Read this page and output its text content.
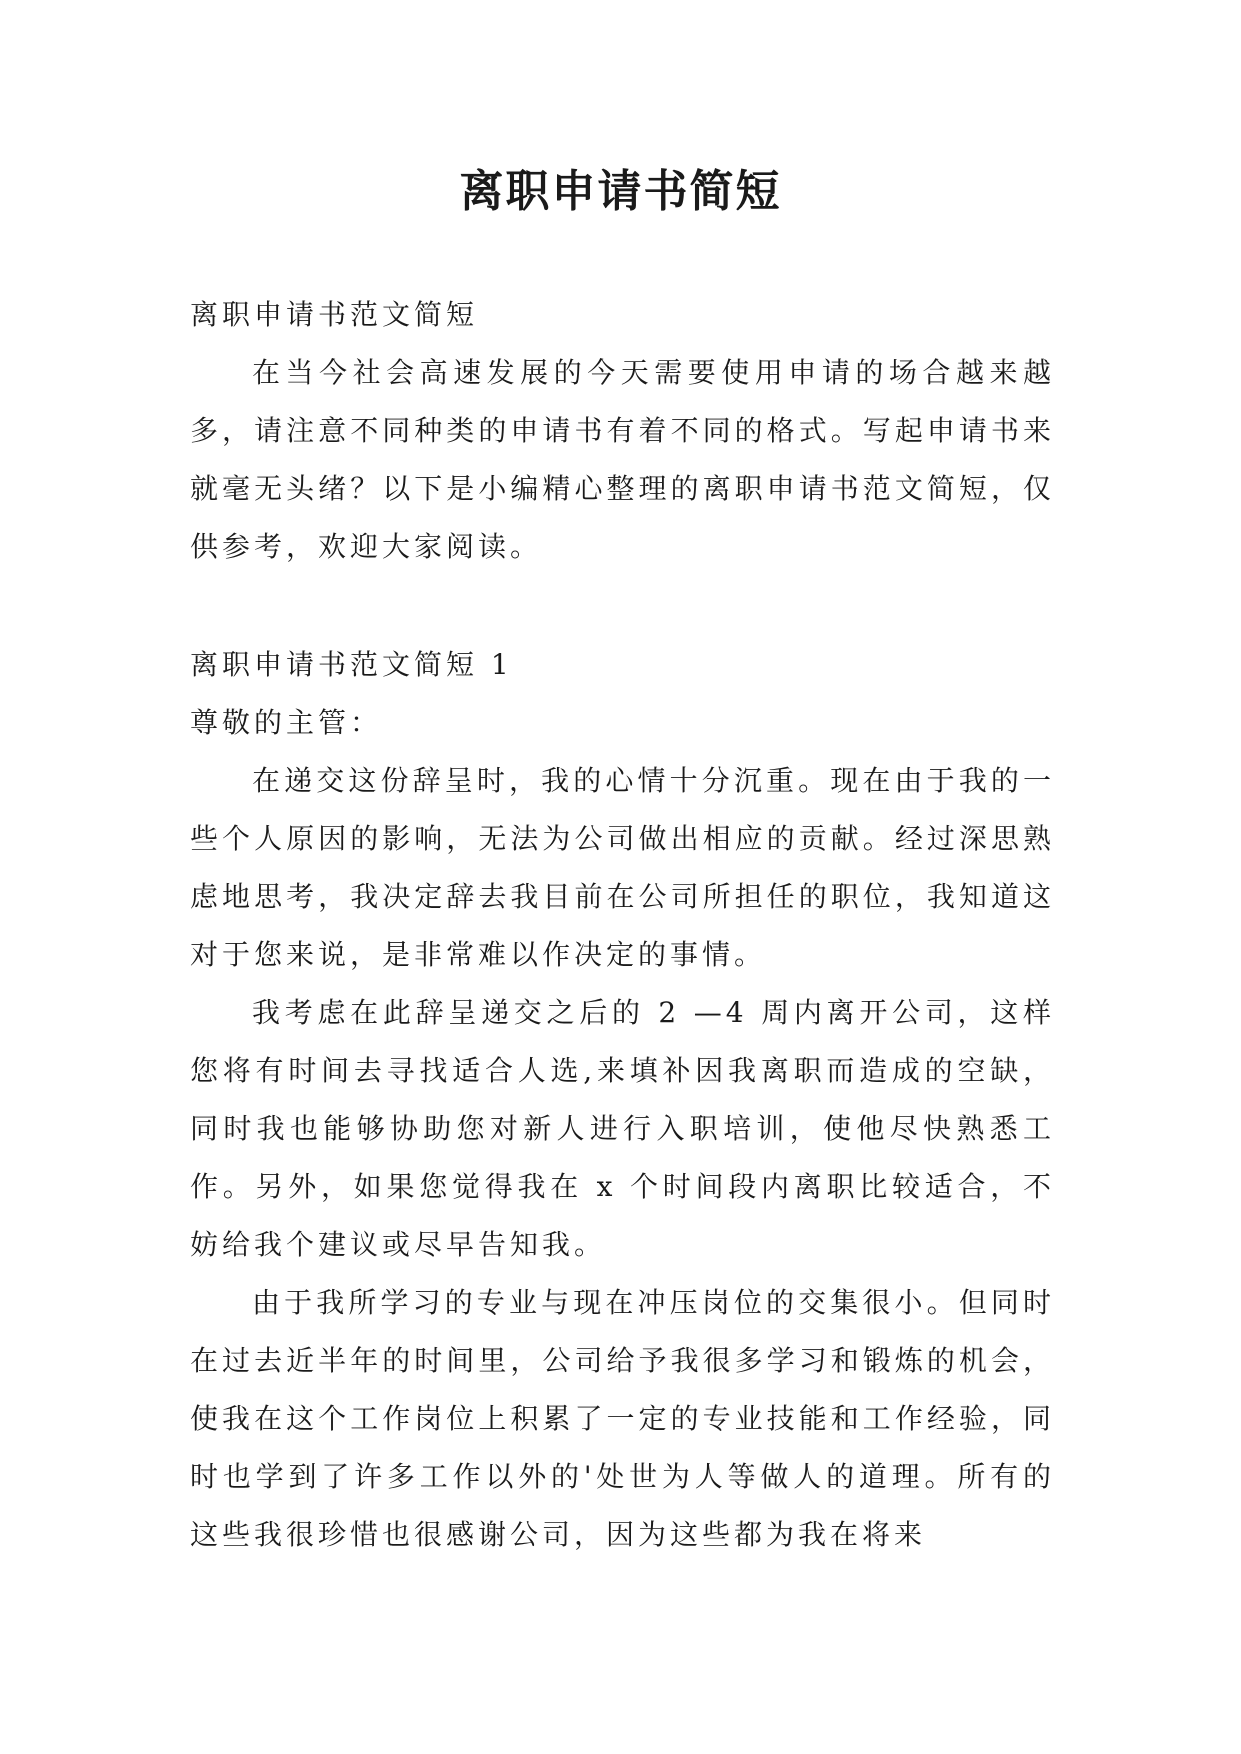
离职申请书简短

离职申请书范文简短

在当今社会高速发展的今天需要使用申请的场合越来越多，请注意不同种类的申请书有着不同的格式。写起申请书来就毫无头绪？以下是小编精心整理的离职申请书范文简短，仅供参考，欢迎大家阅读。

离职申请书范文简短 1

尊敬的主管：

在递交这份辞呈时，我的心情十分沉重。现在由于我的一些个人原因的影响，无法为公司做出相应的贡献。经过深思熟虑地思考，我决定辞去我目前在公司所担任的职位，我知道这对于您来说，是非常难以作决定的事情。

我考虑在此辞呈递交之后的 2 —4 周内离开公司，这样您将有时间去寻找适合人选,来填补因我离职而造成的空缺，同时我也能够协助您对新人进行入职培训，使他尽快熟悉工作。另外，如果您觉得我在 x 个时间段内离职比较适合，不妨给我个建议或尽早告知我。

由于我所学习的专业与现在冲压岗位的交集很小。但同时在过去近半年的时间里，公司给予我很多学习和锻炼的机会，使我在这个工作岗位上积累了一定的专业技能和工作经验，同时也学到了许多工作以外的'处世为人等做人的道理。所有的这些我很珍惜也很感谢公司，因为这些都为我在将来
